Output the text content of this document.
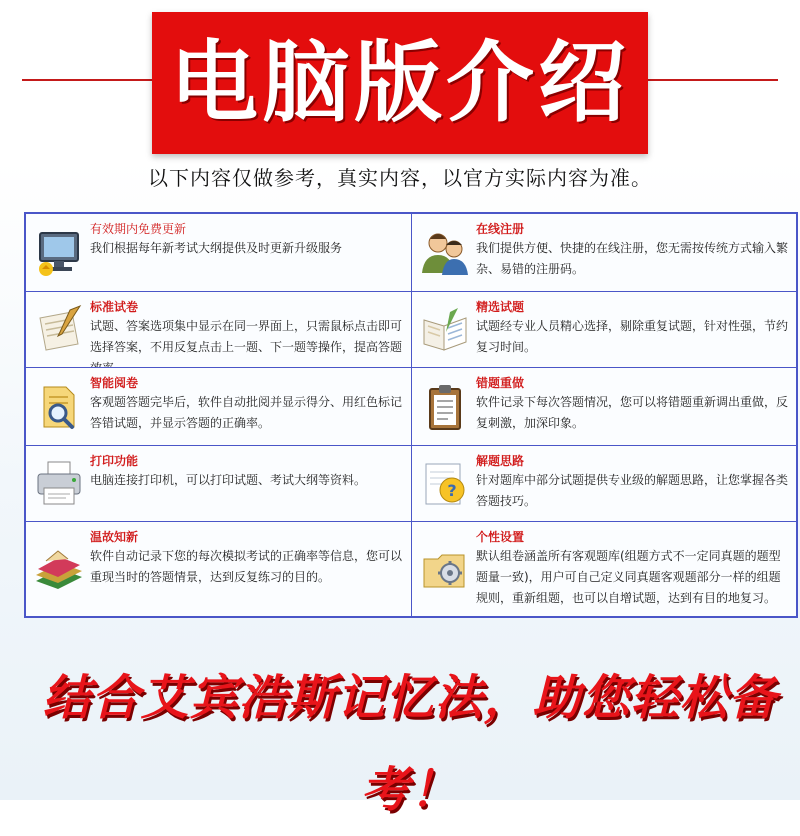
电脑版介绍
以下内容仅做参考，真实内容，以官方实际内容为准。
有效期内免费更新
我们根据每年新考试大纲提供及时更新升级服务
在线注册
我们提供方便、快捷的在线注册，您无需按传统方式输入繁杂、易错的注册码。
标准试卷
试题、答案选项集中显示在同一界面上，只需鼠标点击即可选择答案，不用反复点击上一题、下一题等操作，提高答题
精选试题
试题经专业人员精心选择，剔除重复试题，针对性强，节约复习时间。
智能阅卷
客观题答题完毕后，软件自动批阅并显示得分、用红色标记答错试题，并显示答题的正确率。
错题重做
软件记录下每次答题情况，您可以将错题重新调出重做，反复刺激，加深印象。
打印功能
电脑连接打印机，可以打印试题、考试大纲等资料。
?
解题思路
针对题库中部分试题提供专业级的解题思路，让您掌握各类答题技巧。
温故知新
软件自动记录下您的每次模拟考试的正确率等信息，您可以重现当时的答题情景，达到反复练习的目的。
个性设置
默认组卷涵盖所有客观题库(组题方式不一定同真题的题型题量一致)，用户可自己定义同真题客观题部分一样的组题规则，重新组题，也可以自增试题，达到有目的地复习。
结合艾宾浩斯记忆法，助您轻松备考！
